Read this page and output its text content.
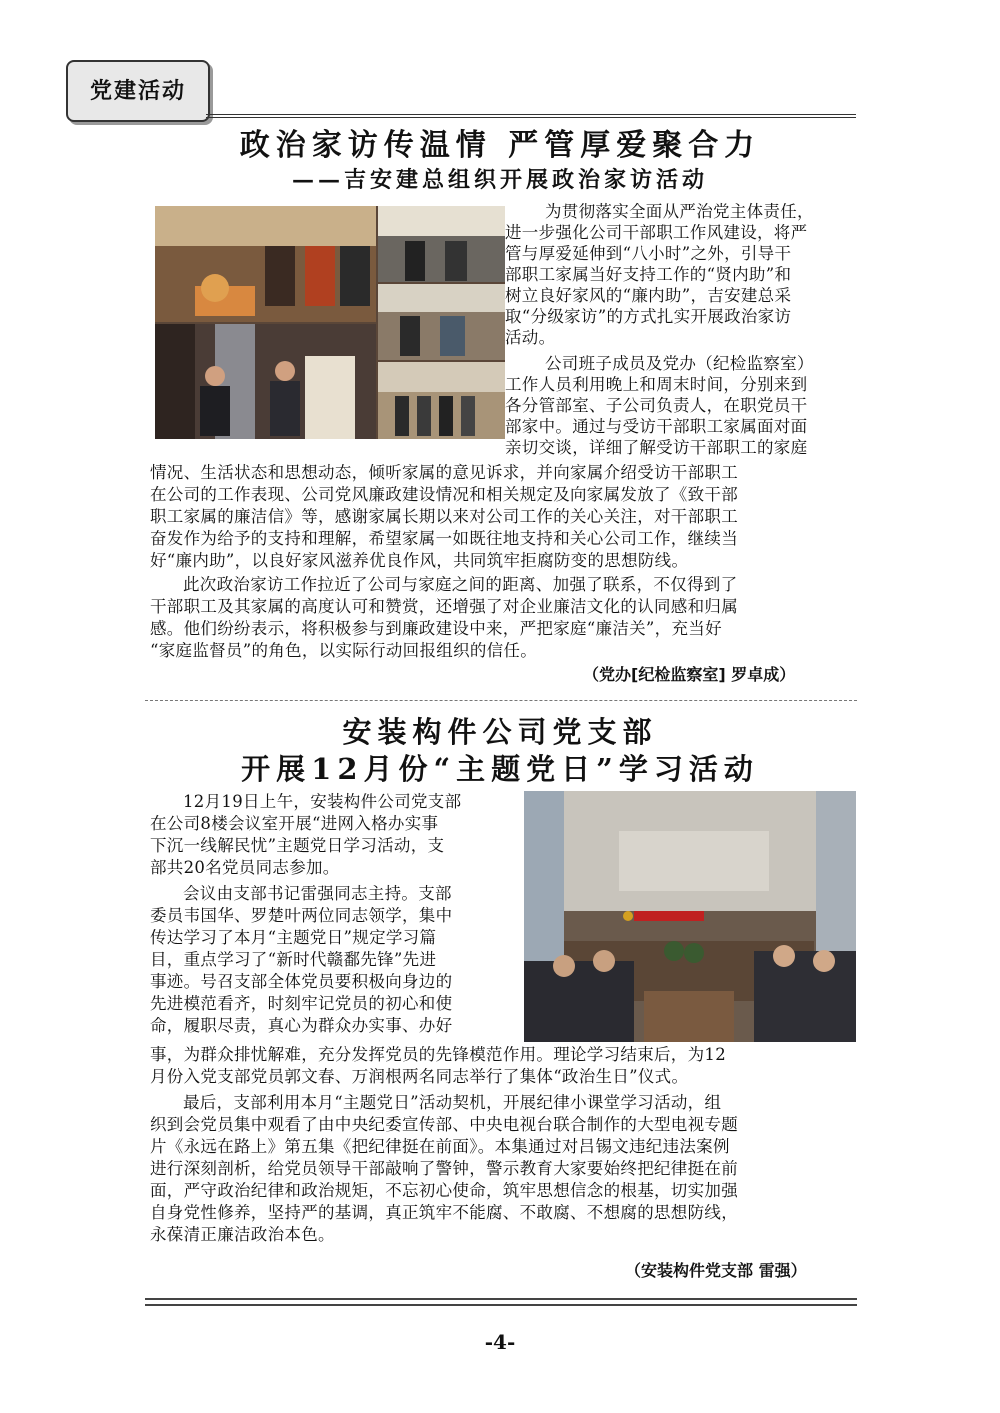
党建活动
政治家访传温情 严管厚爱聚合力
——吉安建总组织开展政治家访活动
为贯彻落实全面从严治党主体责任，
进一步强化公司干部职工作风建设，将严
管与厚爱延伸到“八小时”之外，引导干
部职工家属当好支持工作的“贤内助”和
树立良好家风的“廉内助”，吉安建总采
取“分级家访”的方式扎实开展政治家访
活动。
公司班子成员及党办（纪检监察室）
工作人员利用晚上和周末时间，分别来到
各分管部室、子公司负责人，在职党员干
部家中。通过与受访干部职工家属面对面
亲切交谈，详细了解受访干部职工的家庭
情况、生活状态和思想动态，倾听家属的意见诉求，并向家属介绍受访干部职工
在公司的工作表现、公司党风廉政建设情况和相关规定及向家属发放了《致干部
职工家属的廉洁信》等，感谢家属长期以来对公司工作的关心关注，对干部职工
奋发作为给予的支持和理解，希望家属一如既往地支持和关心公司工作，继续当
好“廉内助”，以良好家风滋养优良作风，共同筑牢拒腐防变的思想防线。
此次政治家访工作拉近了公司与家庭之间的距离、加强了联系，不仅得到了
干部职工及其家属的高度认可和赞赏，还增强了对企业廉洁文化的认同感和归属
感。他们纷纷表示，将积极参与到廉政建设中来，严把家庭“廉洁关”，充当好
“家庭监督员”的角色，以实际行动回报组织的信任。
（党办[纪检监察室] 罗卓成）
安装构件公司党支部
开展12月份“主题党日”学习活动
12月19日上午，安装构件公司党支部
在公司8楼会议室开展“进网入格办实事
下沉一线解民忧”主题党日学习活动，支
部共20名党员同志参加。
会议由支部书记雷强同志主持。支部
委员韦国华、罗楚叶两位同志领学，集中
传达学习了本月“主题党日”规定学习篇
目，重点学习了“新时代赣鄱先锋”先进
事迹。号召支部全体党员要积极向身边的
先进模范看齐，时刻牢记党员的初心和使
命，履职尽责，真心为群众办实事、办好
事，为群众排忧解难，充分发挥党员的先锋模范作用。理论学习结束后，为12
月份入党支部党员郭文春、万润根两名同志举行了集体“政治生日”仪式。
最后，支部利用本月“主题党日”活动契机，开展纪律小课堂学习活动，组
织到会党员集中观看了由中央纪委宣传部、中央电视台联合制作的大型电视专题
片《永远在路上》第五集《把纪律挺在前面》。本集通过对吕锡文违纪违法案例
进行深刻剖析，给党员领导干部敲响了警钟，警示教育大家要始终把纪律挺在前
面，严守政治纪律和政治规矩，不忘初心使命，筑牢思想信念的根基，切实加强
自身党性修养，坚持严的基调，真正筑牢不能腐、不敢腐、不想腐的思想防线，
永葆清正廉洁政治本色。
（安装构件党支部 雷强）
-4-
